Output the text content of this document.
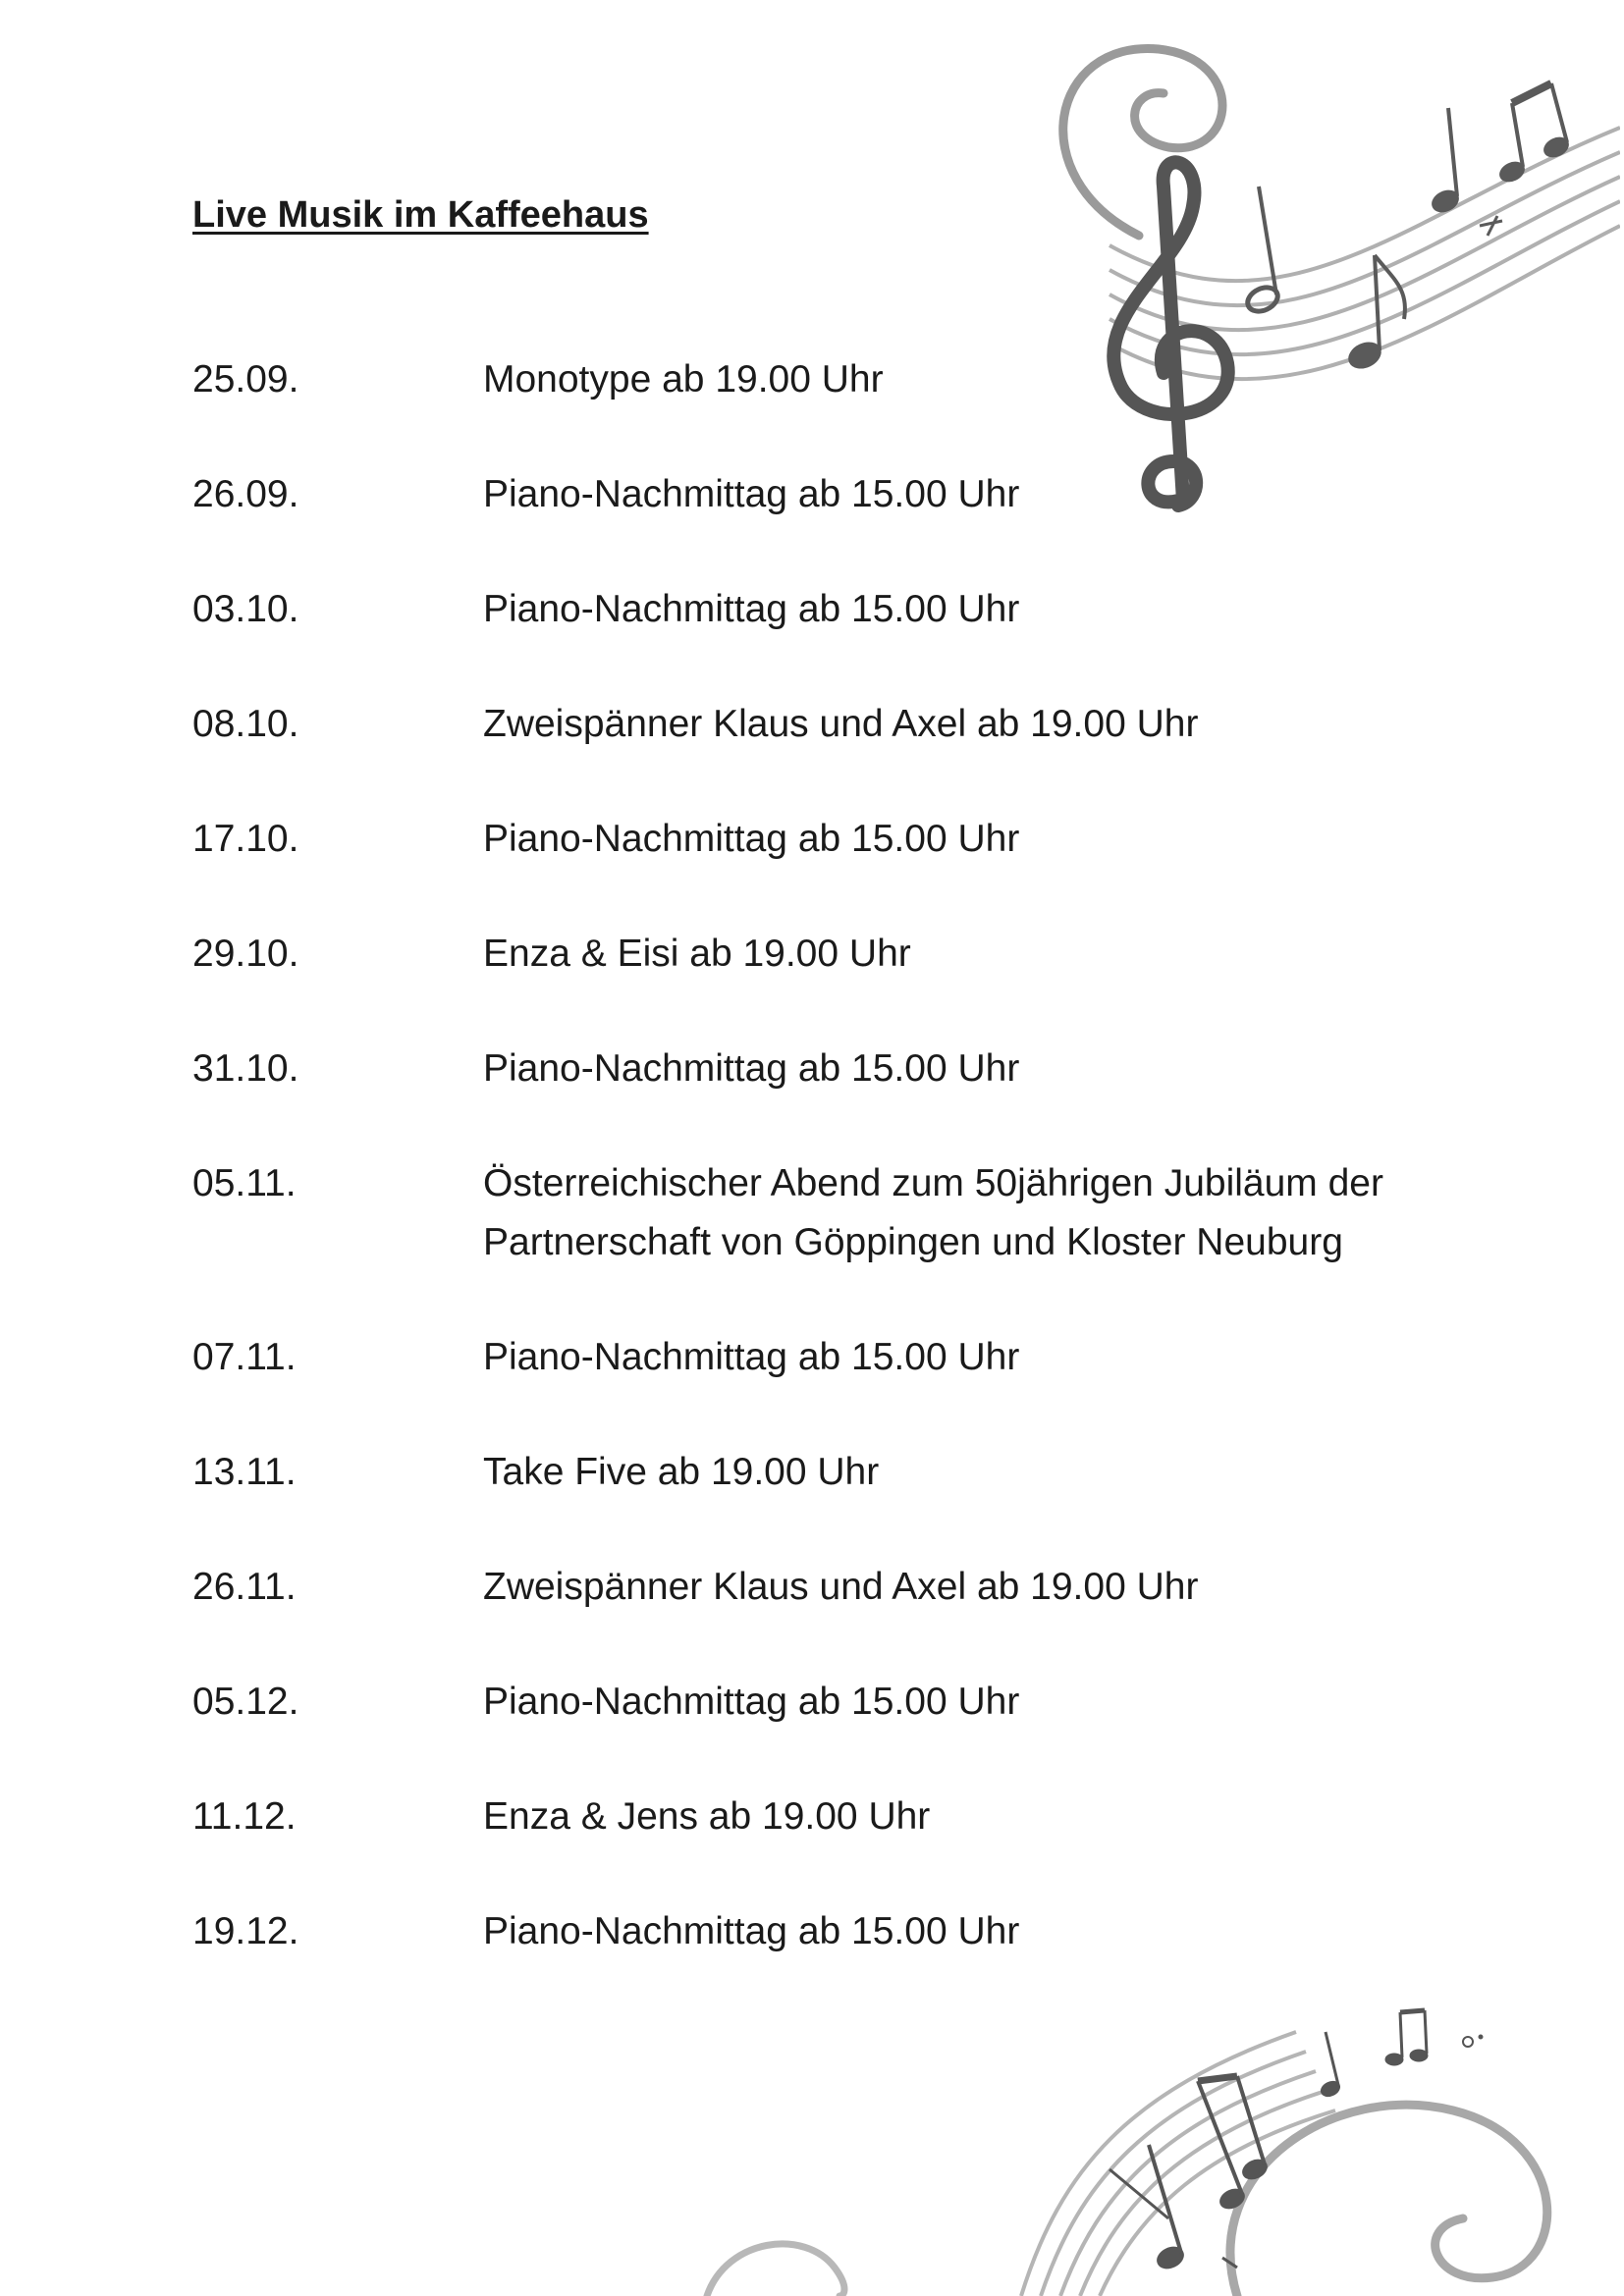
Live Musik im Kaffeehaus
25.09.	Monotype ab 19.00 Uhr
26.09.	Piano-Nachmittag ab 15.00 Uhr
03.10.	Piano-Nachmittag ab 15.00 Uhr
08.10.	Zweispänner Klaus und Axel ab 19.00 Uhr
17.10.	Piano-Nachmittag ab 15.00 Uhr
29.10.	Enza & Eisi ab 19.00 Uhr
31.10.	Piano-Nachmittag ab 15.00 Uhr
05.11.	Österreichischer Abend zum 50jährigen Jubiläum der Partnerschaft von Göppingen und Kloster Neuburg
07.11.	Piano-Nachmittag ab 15.00 Uhr
13.11.	Take Five ab 19.00 Uhr
26.11.	Zweispänner Klaus und Axel ab 19.00 Uhr
05.12.	Piano-Nachmittag ab 15.00 Uhr
11.12.	Enza & Jens ab 19.00 Uhr
19.12.	Piano-Nachmittag ab 15.00 Uhr
